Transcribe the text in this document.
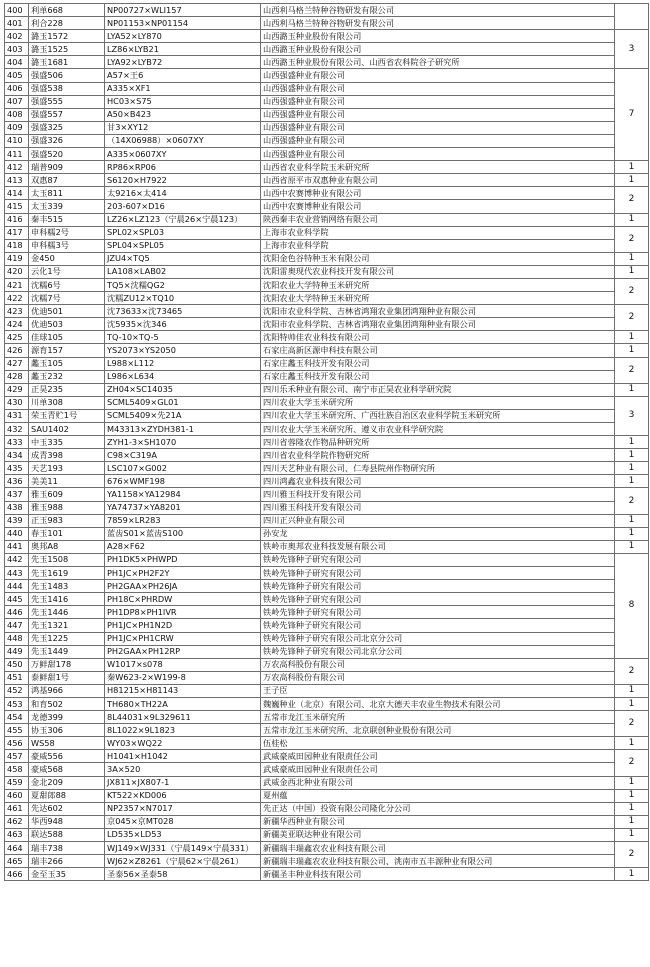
400	利单668	NP00727×WLI157	山西利马格兰特种谷物研发有限公司	
401	利合228	NP01153×NP01154	山西利马格兰特种谷物研发有限公司	
402	潞玉1572	LYA52×LY870	山西潞玉种业股份有限公司	3
403	潞玉1525	LZ86×LYB21	山西潞玉种业股份有限公司	
404	潞玉1681	LYA92×LYB72	山西潞玉种业股份有限公司、山西省农科院谷子研究所	
405	强盛506	A57×王6	山西强盛种业有限公司	7
406	强盛538	A335×XF1	山西强盛种业有限公司	
407	强盛555	HC03×S75	山西强盛种业有限公司	
408	强盛557	A50×B423	山西强盛种业有限公司	
409	强盛325	甘3×XY12	山西强盛种业有限公司	
410	强盛326	（14X06988）×0607XY	山西强盛种业有限公司	
411	强盛520	A335×0607XY	山西强盛种业有限公司	
412	瑞普909	RP86×RP06	山西省农业科学院玉米研究所	1
413	双惠87	S6120×H7922	山西省原平市双惠种业有限公司	1
414	太玉811	太9216×太414	山西中农赛博种业有限公司	2
415	太玉339	203-607×D16	山西中农赛博种业有限公司	
416	秦丰515	LZ26×LZ123（宁晨26×宁晨123）	陕西秦丰农业营销网络有限公司	1
417	申科糯2号	SPL02×SPL03	上海市农业科学院	2
418	申科糯3号	SPL04×SPL05	上海市农业科学院	
419	金450	JZU4×TQ5	沈阳金色谷特种玉米有限公司	1
420	云化1号	LA108×LAB02	沈阳雷奥现代农业科技开发有限公司	1
421	沈糯6号	TQ5×沈糯QG2	沈阳农业大学特种玉米研究所	2
422	沈糯7号	沈糯ZU12×TQ10	沈阳农业大学特种玉米研究所	
423	优迪501	沈73633×沈73465	沈阳市农业科学院、吉林省鸿翔农业集团鸿翔种业有限公司	2
424	优迪503	沈5935×沈346	沈阳市农业科学院、吉林省鸿翔农业集团鸿翔种业有限公司	
425	佳球105	TQ-10×TQ-5	沈阳特帅佳农业科技有限公司	1
426	源育157	YS2073×YS2050	石家庄高新区源申科技有限公司	1
427	蠡玉105	L988×L112	石家庄蠡玉科技开发有限公司	2
428	蠡玉232	L986×L634	石家庄蠡玉科技开发有限公司	
429	正昊235	ZH04×SC14035	四川乐禾种业有限公司、南宁市正昊农业科学研究院	1
430	川单308	SCML5409×GL01	四川农业大学玉米研究所	3
431	荣玉青贮1号	SCML5409×先21A	四川农业大学玉米研究所、广西壮族自治区农业科学院玉米研究所	
432	SAU1402	M43313×ZYDH381-1	四川农业大学玉米研究所、遵义市农业科学研究院	
433	中玉335	ZYH1-3×SH1070	四川省蓉隆农作物品种研究所	1
434	成青398	C98×C319A	四川省农业科学院作物研究所	1
435	天艺193	LSC107×G002	四川天艺种业有限公司、仁寿县院州作物研究所	1
436	美美11	676×WMF198	四川鸿鑫农业科技有限公司	1
437	雅玉609	YA1158×YA12984	四川雅玉科技开发有限公司	2
438	雅玉988	YA74737×YA8201	四川雅玉科技开发有限公司	
439	正玉983	7859×LR283	四川正兴种业有限公司	1
440	春玉101	蓝齿S01×蓝齿S100	孙安龙	1
441	奥邦A8	A28×F62	铁岭市奥邦农业科技发展有限公司	1
442	先玉1508	PH1DK5×PHWPD	铁岭先锋种子研究有限公司	8
443	先玉1619	PH1JC×PH2F2Y	铁岭先锋种子研究有限公司	
444	先玉1483	PH2GAA×PH26JA	铁岭先锋种子研究有限公司	
445	先玉1416	PH18C×PHRDW	铁岭先锋种子研究有限公司	
446	先玉1446	PH1DP8×PH1IVR	铁岭先锋种子研究有限公司	
447	先玉1321	PH1JC×PH1N2D	铁岭先锋种子研究有限公司	
448	先玉1225	PH1JC×PH1CRW	铁岭先锋种子研究有限公司北京分公司	
449	先玉1449	PH2GAA×PH12RP	铁岭先锋种子研究有限公司北京分公司	
450	万鲜甜178	W1017×s078	万农高科股份有限公司	2
451	泰鲜甜1号	秦W623-2×W199-8	万农高科股份有限公司	
452	鸿基966	H81215×H81143	王子臣	1
453	和育502	TH680×TH22A	魏巍种业（北京）有限公司、北京大德天丰农业生物技术有限公司	1
454	龙德399	8L44031×9L329611	五常市龙江玉米研究所	2
455	协玉306	8L1022×9L1823	五常市龙江玉米研究所、北京联创种业股份有限公司	
456	WS58	WY03×WQ22	伍桂松	1
457	豪威556	H1041×H1042	武威豪威田园种业有限责任公司	2
458	豪威568	3A×520	武威豪威田园种业有限责任公司	
459	金北209	JX811×JX807-1	武威金西北种业有限公司	1
460	夏甜郎88	KT522×KD006	夏州蕴	1
461	先达602	NP2357×N7017	先正达（中国）投资有限公司隆化分公司	1
462	华西948	京045×京MT028	新疆华西种业有限公司	1
463	联达588	LD535×LD53	新疆美亚联达种业有限公司	1
464	瑞丰738	WJ149×WJ331（宁晨149×宁晨331）	新疆瑞丰瑞鑫农农业科技有限公司	2
465	瑞丰266	WJ62×Z8261（宁晨62×宁晨261）	新疆瑞丰瑞鑫农农业科技有限公司、洮南市五丰源种业有限公司	
466	金至玉35	圣泰56×圣泰58	新疆圣丰种业科技有限公司	1
